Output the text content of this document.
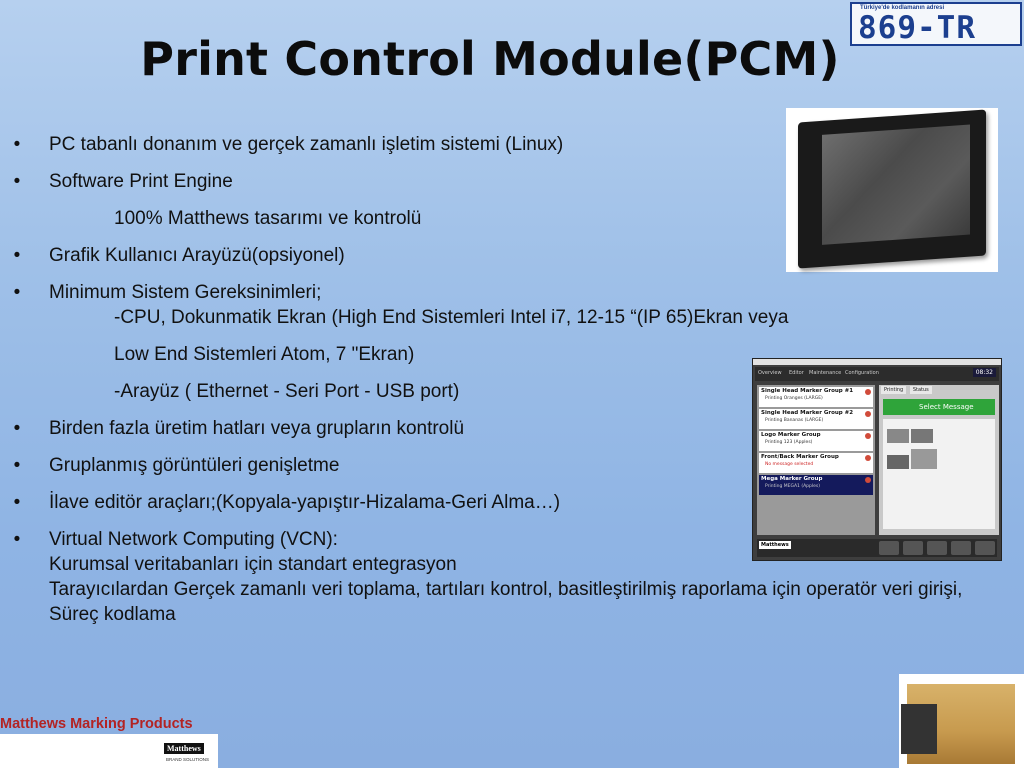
Print Control Module(PCM)
Türkiye'de kodlamanın adresi
869-TR
• PC tabanlı donanım ve gerçek zamanlı işletim sistemi (Linux)
• Software Print Engine
100% Matthews tasarımı ve kontrolü
• Grafik Kullanıcı Arayüzü(opsiyonel)
• Minimum Sistem Gereksinimleri;
-CPU, Dokunmatik Ekran (High End Sistemleri Intel i7, 12-15 “(IP 65)Ekran veya
Low End Sistemleri Atom, 7 "Ekran)
-Arayüz ( Ethernet - Seri Port - USB port)
• Birden fazla üretim hatları veya grupların kontrolü
• Gruplanmış görüntüleri genişletme
• İlave editör araçları;(Kopyala-yapıştır-Hizalama-Geri Alma…)
• Virtual Network Computing (VCN):
Kurumsal veritabanları için standart entegrasyon
Tarayıcılardan Gerçek zamanlı veri toplama, tartıları kontrol, basitleştirilmiş raporlama için operatör veri girişi, Süreç kodlama
Overview Editor Maintenance Configuration	08:32
Single Head Marker Group #1
Printing Oranges (LARGE)
Single Head Marker Group #2
Printing Bananas (LARGE)
Logo Marker Group
Printing 123 (Apples)
Front/Back Marker Group
No message selected
Mega Marker Group
Printing MEGA1 (Apples)
Printing Status
Select Message
Matthews
Matthews Marking Products
Matthews
BRAND SOLUTIONS
